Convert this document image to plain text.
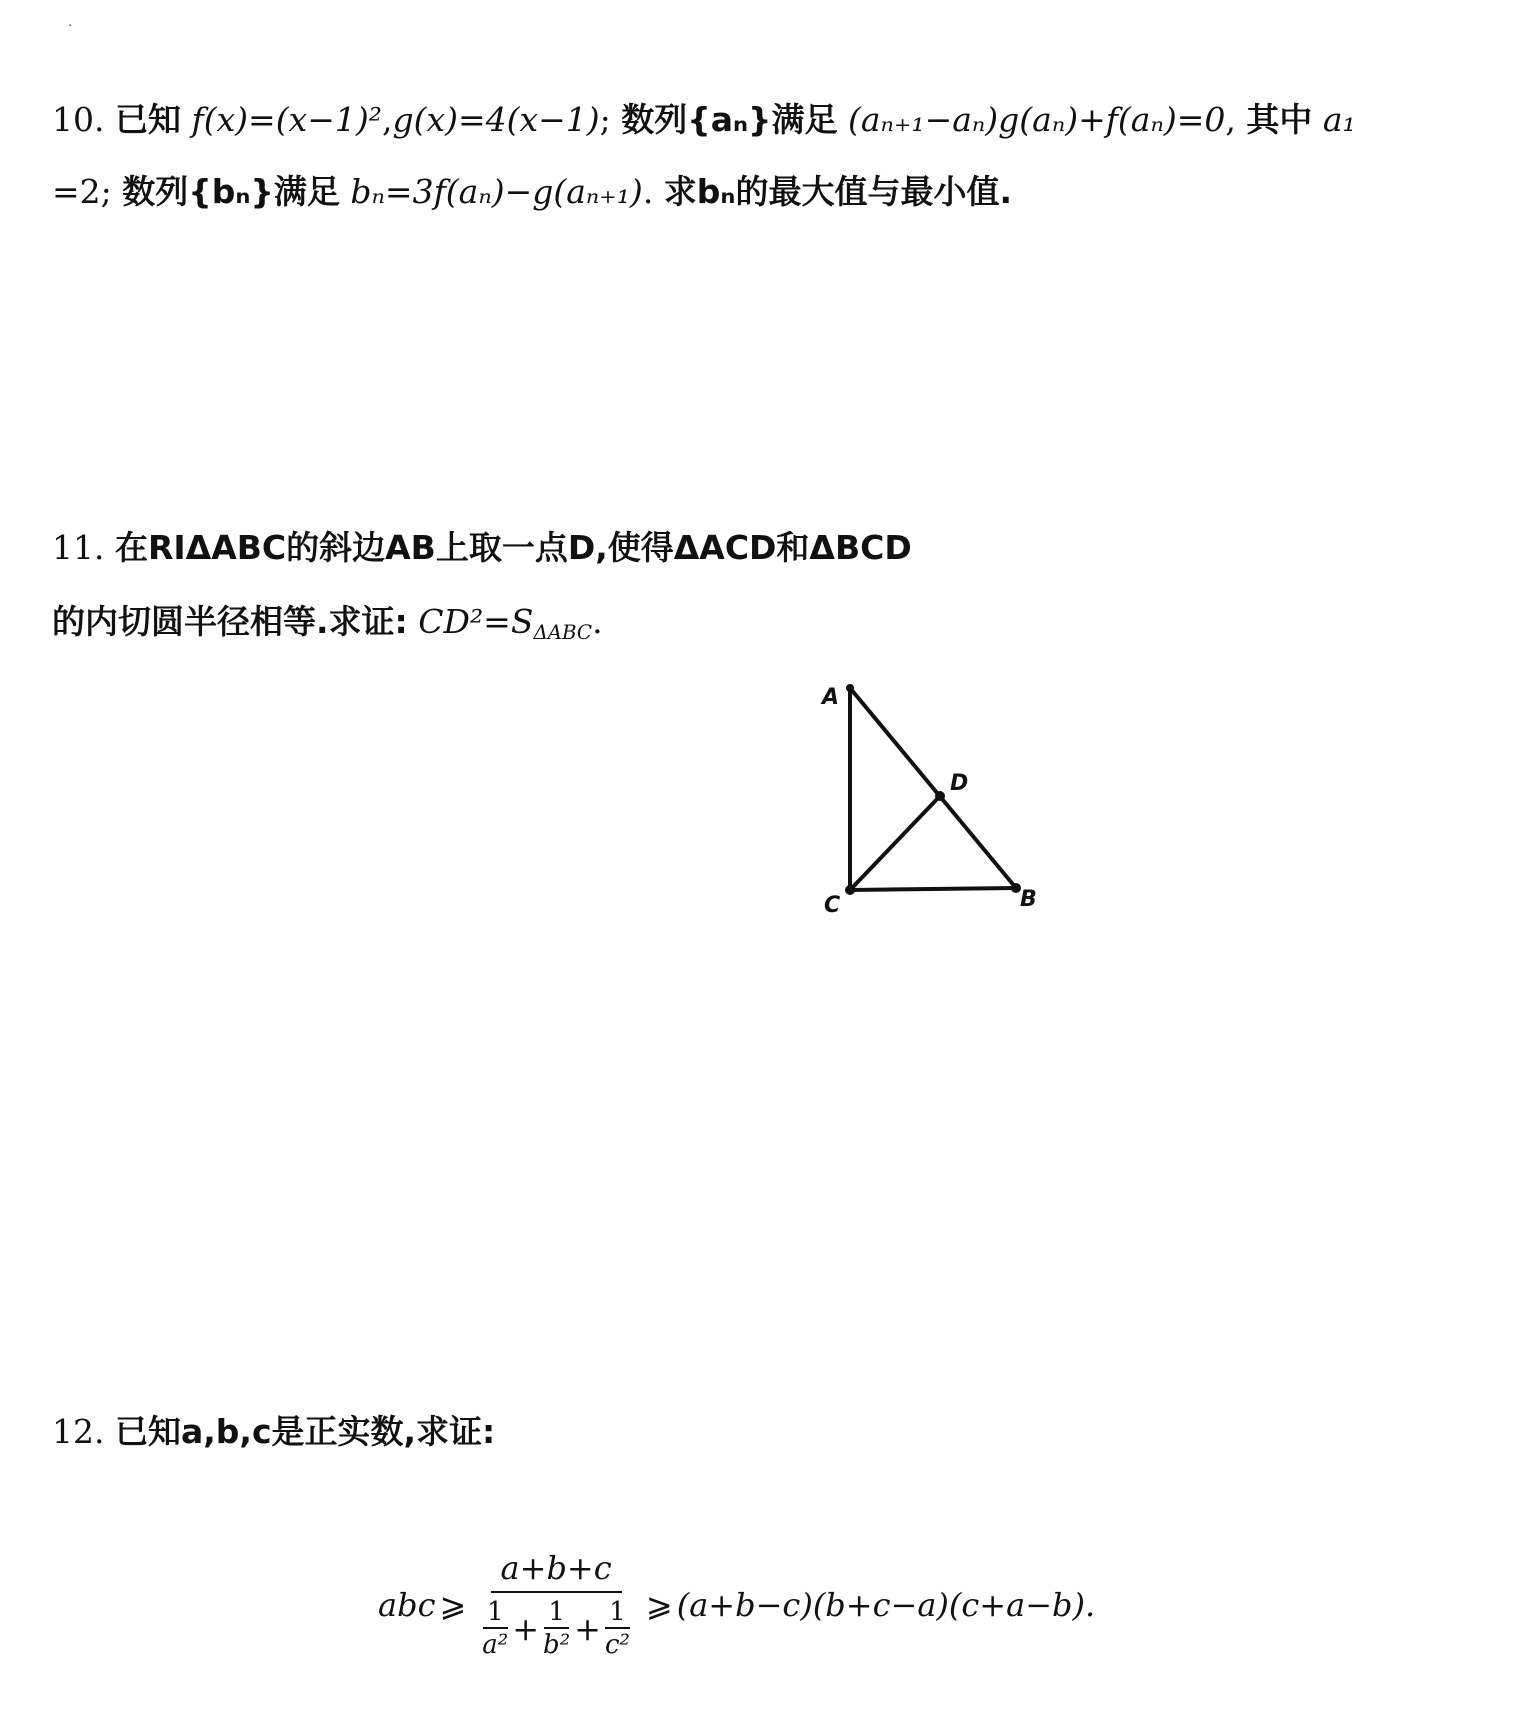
·
10. 已知 f(x)=(x−1)²,g(x)=4(x−1); 数列{aₙ}满足 (aₙ₊₁−aₙ)g(aₙ)+f(aₙ)=0, 其中 a₁
=2; 数列{bₙ}满足 bₙ=3f(aₙ)−g(aₙ₊₁). 求bₙ的最大值与最小值.
11. 在RIΔABC的斜边AB上取一点D,使得ΔACD和ΔBCD
的内切圆半径相等.求证: $CD^2=S_{\Delta ABC}$.
A
D
C	B
12. 已知a,b,c是正实数,求证:
abc ⩾
a+b+c
1
$a^2 + \frac{1}{\text{b²}} + \frac{1}{\text{c²}}$ ⩾ (a+b−c)(b+c−a)(c+a−b).
